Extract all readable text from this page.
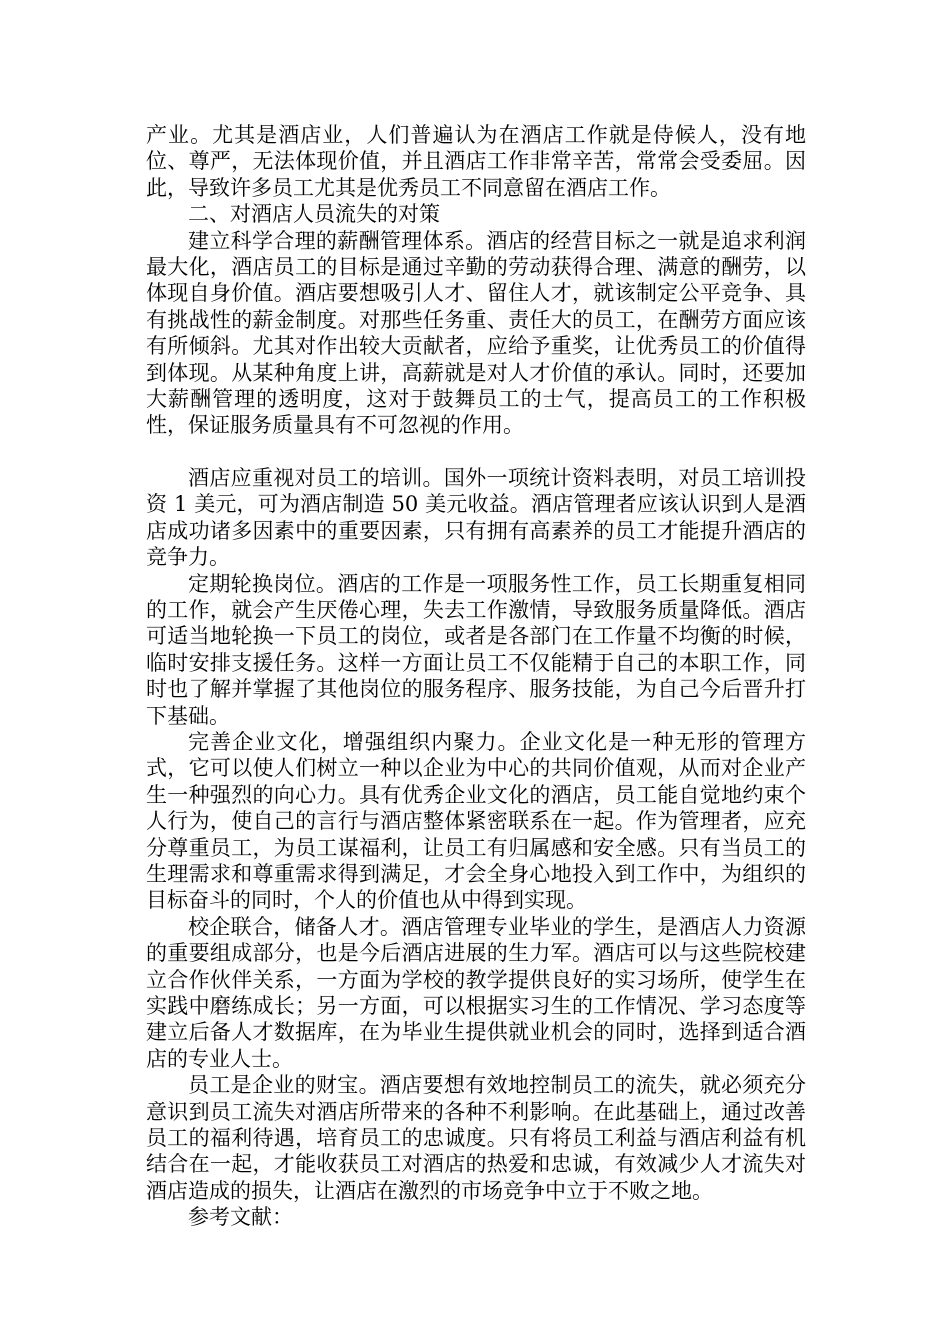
产业。尤其是酒店业，人们普遍认为在酒店工作就是侍候人，没有地位、尊严，无法体现价值，并且酒店工作非常辛苦，常常会受委屈。因此，导致许多员工尤其是优秀员工不同意留在酒店工作。

二、对酒店人员流失的对策

建立科学合理的薪酬管理体系。酒店的经营目标之一就是追求利润最大化，酒店员工的目标是通过辛勤的劳动获得合理、满意的酬劳，以体现自身价值。酒店要想吸引人才、留住人才，就该制定公平竞争、具有挑战性的薪金制度。对那些任务重、责任大的员工，在酬劳方面应该有所倾斜。尤其对作出较大贡献者，应给予重奖，让优秀员工的价值得到体现。从某种角度上讲，高薪就是对人才价值的承认。同时，还要加大薪酬管理的透明度，这对于鼓舞员工的士气，提高员工的工作积极性，保证服务质量具有不可忽视的作用。

酒店应重视对员工的培训。国外一项统计资料表明，对员工培训投资 1 美元，可为酒店制造 50 美元收益。酒店管理者应该认识到人是酒店成功诸多因素中的重要因素，只有拥有高素养的员工才能提升酒店的竞争力。

定期轮换岗位。酒店的工作是一项服务性工作，员工长期重复相同的工作，就会产生厌倦心理，失去工作激情，导致服务质量降低。酒店可适当地轮换一下员工的岗位，或者是各部门在工作量不均衡的时候，临时安排支援任务。这样一方面让员工不仅能精于自己的本职工作，同时也了解并掌握了其他岗位的服务程序、服务技能，为自己今后晋升打下基础。

完善企业文化，增强组织内聚力。企业文化是一种无形的管理方式，它可以使人们树立一种以企业为中心的共同价值观，从而对企业产生一种强烈的向心力。具有优秀企业文化的酒店，员工能自觉地约束个人行为，使自己的言行与酒店整体紧密联系在一起。作为管理者，应充分尊重员工，为员工谋福利，让员工有归属感和安全感。只有当员工的生理需求和尊重需求得到满足，才会全身心地投入到工作中，为组织的目标奋斗的同时，个人的价值也从中得到实现。

校企联合，储备人才。酒店管理专业毕业的学生，是酒店人力资源的重要组成部分，也是今后酒店进展的生力军。酒店可以与这些院校建立合作伙伴关系，一方面为学校的教学提供良好的实习场所，使学生在实践中磨练成长；另一方面，可以根据实习生的工作情况、学习态度等建立后备人才数据库，在为毕业生提供就业机会的同时，选择到适合酒店的专业人士。

员工是企业的财宝。酒店要想有效地控制员工的流失，就必须充分意识到员工流失对酒店所带来的各种不利影响。在此基础上，通过改善员工的福利待遇，培育员工的忠诚度。只有将员工利益与酒店利益有机结合在一起，才能收获员工对酒店的热爱和忠诚，有效减少人才流失对酒店造成的损失，让酒店在激烈的市场竞争中立于不败之地。

参考文献：
